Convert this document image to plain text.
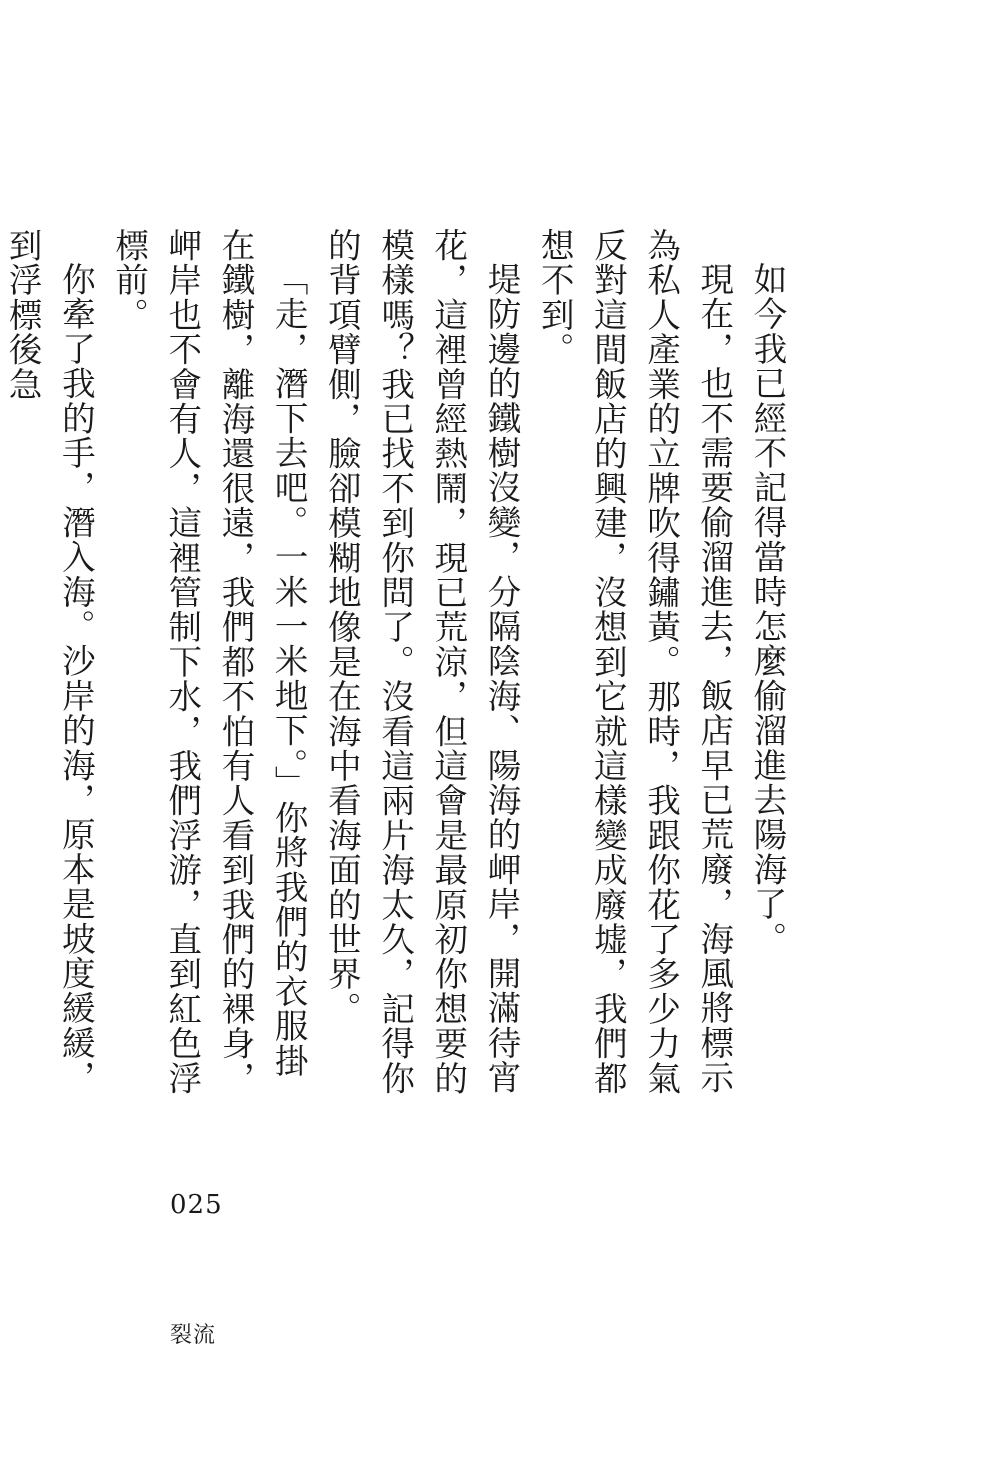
如今我已經不記得當時怎麼偷溜進去陽海了。

現在，也不需要偷溜進去，飯店早已荒廢，海風將標示為私人產業的立牌吹得鏽黃。那時，我跟你花了多少力氣反對這間飯店的興建，沒想到它就這樣變成廢墟，我們都想不到。

堤防邊的鐵樹沒變，分隔陰海、陽海的岬岸，開滿待宵花，這裡曾經熱鬧，現已荒涼，但這會是最原初你想要的模樣嗎？我已找不到你問了。沒看這兩片海太久，記得你的背項臂側，臉卻模糊地像是在海中看海面的世界。

「走，潛下去吧。一米一米地下。」你將我們的衣服掛在鐵樹，離海還很遠，我們都不怕有人看到我們的裸身，岬岸也不會有人，這裡管制下水，我們浮游，直到紅色浮標前。

你牽了我的手，潛入海。沙岸的海，原本是坡度緩緩，到浮標後急

025
裂流
